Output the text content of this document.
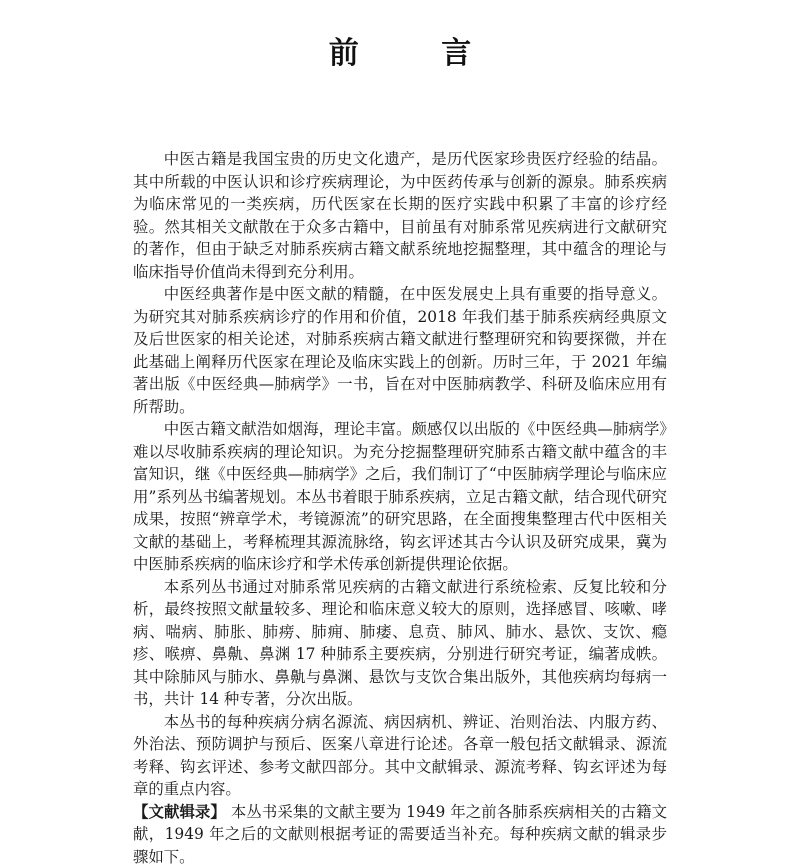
前 言

中医古籍是我国宝贵的历史文化遗产，是历代医家珍贵医疗经验的结晶。其中所载的中医认识和诊疗疾病理论，为中医药传承与创新的源泉。肺系疾病为临床常见的一类疾病，历代医家在长期的医疗实践中积累了丰富的诊疗经验。然其相关文献散在于众多古籍中，目前虽有对肺系常见疾病进行文献研究的著作，但由于缺乏对肺系疾病古籍文献系统地挖掘整理，其中蕴含的理论与临床指导价值尚未得到充分利用。

中医经典著作是中医文献的精髓，在中医发展史上具有重要的指导意义。为研究其对肺系疾病诊疗的作用和价值，2018 年我们基于肺系疾病经典原文及后世医家的相关论述，对肺系疾病古籍文献进行整理研究和钩要探微，并在此基础上阐释历代医家在理论及临床实践上的创新。历时三年，于 2021 年编著出版《中医经典—肺病学》一书，旨在对中医肺病教学、科研及临床应用有所帮助。

中医古籍文献浩如烟海，理论丰富。颇感仅以出版的《中医经典—肺病学》难以尽收肺系疾病的理论知识。为充分挖掘整理研究肺系古籍文献中蕴含的丰富知识，继《中医经典—肺病学》之后，我们制订了“中医肺病学理论与临床应用”系列丛书编著规划。本丛书着眼于肺系疾病，立足古籍文献，结合现代研究成果，按照“辨章学术，考镜源流”的研究思路，在全面搜集整理古代中医相关文献的基础上，考释梳理其源流脉络，钩玄评述其古今认识及研究成果，冀为中医肺系疾病的临床诊疗和学术传承创新提供理论依据。

本系列丛书通过对肺系常见疾病的古籍文献进行系统检索、反复比较和分析，最终按照文献量较多、理论和临床意义较大的原则，选择感冒、咳嗽、哮病、喘病、肺胀、肺痨、肺痈、肺痿、息贲、肺风、肺水、悬饮、支饮、瘾疹、喉痹、鼻鼽、鼻渊 17 种肺系主要疾病，分别进行研究考证，编著成帙。其中除肺风与肺水、鼻鼽与鼻渊、悬饮与支饮合集出版外，其他疾病均每病一书，共计 14 种专著，分次出版。

本丛书的每种疾病分病名源流、病因病机、辨证、治则治法、内服方药、外治法、预防调护与预后、医案八章进行论述。各章一般包括文献辑录、源流考释、钩玄评述、参考文献四部分。其中文献辑录、源流考释、钩玄评述为每章的重点内容。

【文献辑录】 本丛书采集的文献主要为 1949 年之前各肺系疾病相关的古籍文献，1949 年之后的文献则根据考证的需要适当补充。每种疾病文献的辑录步骤如下。
